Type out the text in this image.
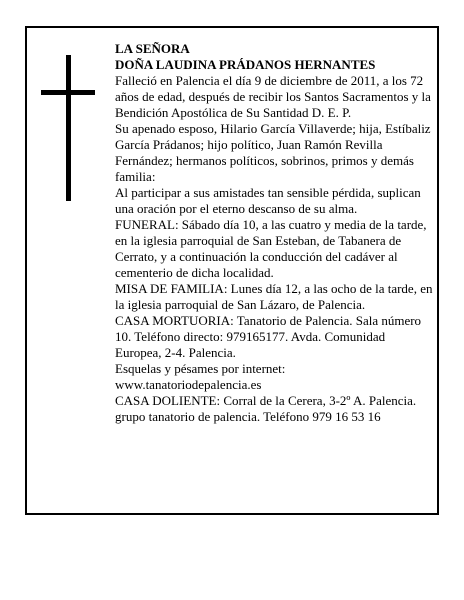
LA SEÑORA

DOÑA LAUDINA PRÁDANOS HERNANTES

Falleció en Palencia el día 9 de diciembre de 2011, a los 72 años de edad, después de recibir los Santos Sacramentos y la Bendición Apostólica de Su Santidad D. E. P.

Su apenado esposo, Hilario García Villaverde; hija, Estíbaliz García Prádanos; hijo político, Juan Ramón Revilla Fernández; hermanos políticos, sobrinos, primos y demás familia:

Al participar a sus amistades tan sensible pérdida, suplican una oración por el eterno descanso de su alma.

FUNERAL: Sábado día 10, a las cuatro y media de la tarde, en la iglesia parroquial de San Esteban, de Tabanera de Cerrato, y a continuación la conducción del cadáver al cementerio de dicha localidad.

MISA DE FAMILIA: Lunes día 12, a las ocho de la tarde, en la iglesia parroquial de San Lázaro, de Palencia.

CASA MORTUORIA: Tanatorio de Palencia. Sala número 10. Teléfono directo: 979165177. Avda. Comunidad Europea, 2-4. Palencia.

Esquelas y pésames por internet: www.tanatoriodepalencia.es

CASA DOLIENTE: Corral de la Cerera, 3-2º A. Palencia.

grupo tanatorio de palencia. Teléfono 979 16 53 16
